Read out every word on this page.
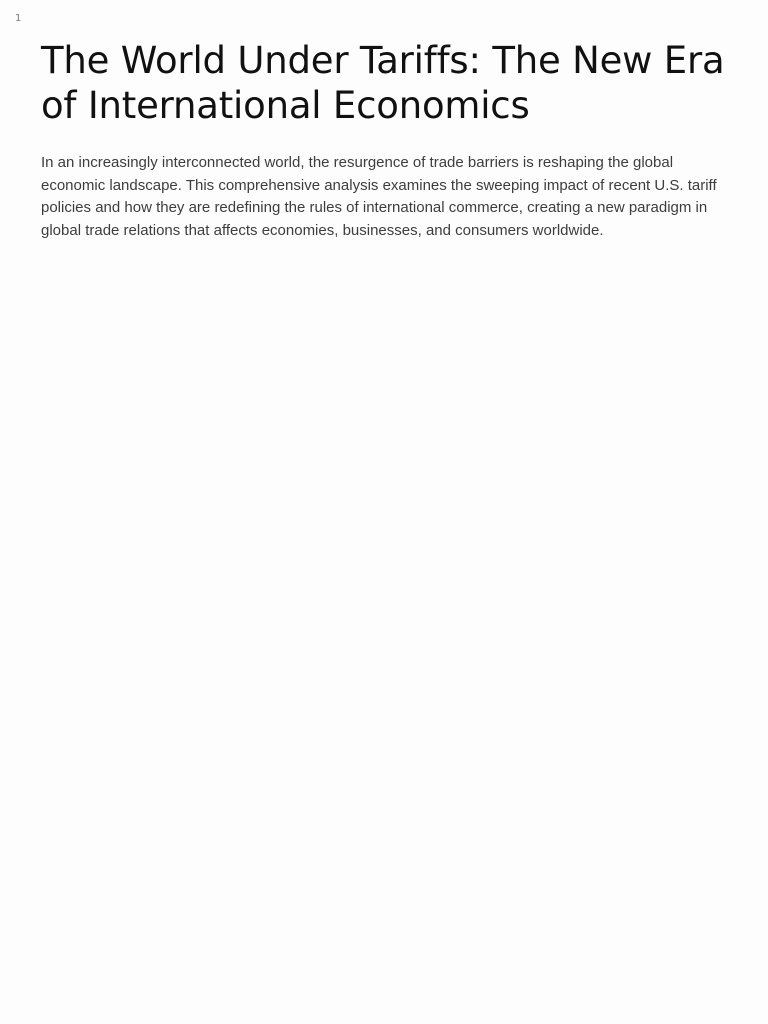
1
The World Under Tariffs: The New Era of International Economics

In an increasingly interconnected world, the resurgence of trade barriers is reshaping the global economic landscape. This comprehensive analysis examines the sweeping impact of recent U.S. tariff policies and how they are redefining the rules of international commerce, creating a new paradigm in global trade relations that affects economies, businesses, and consumers worldwide.
